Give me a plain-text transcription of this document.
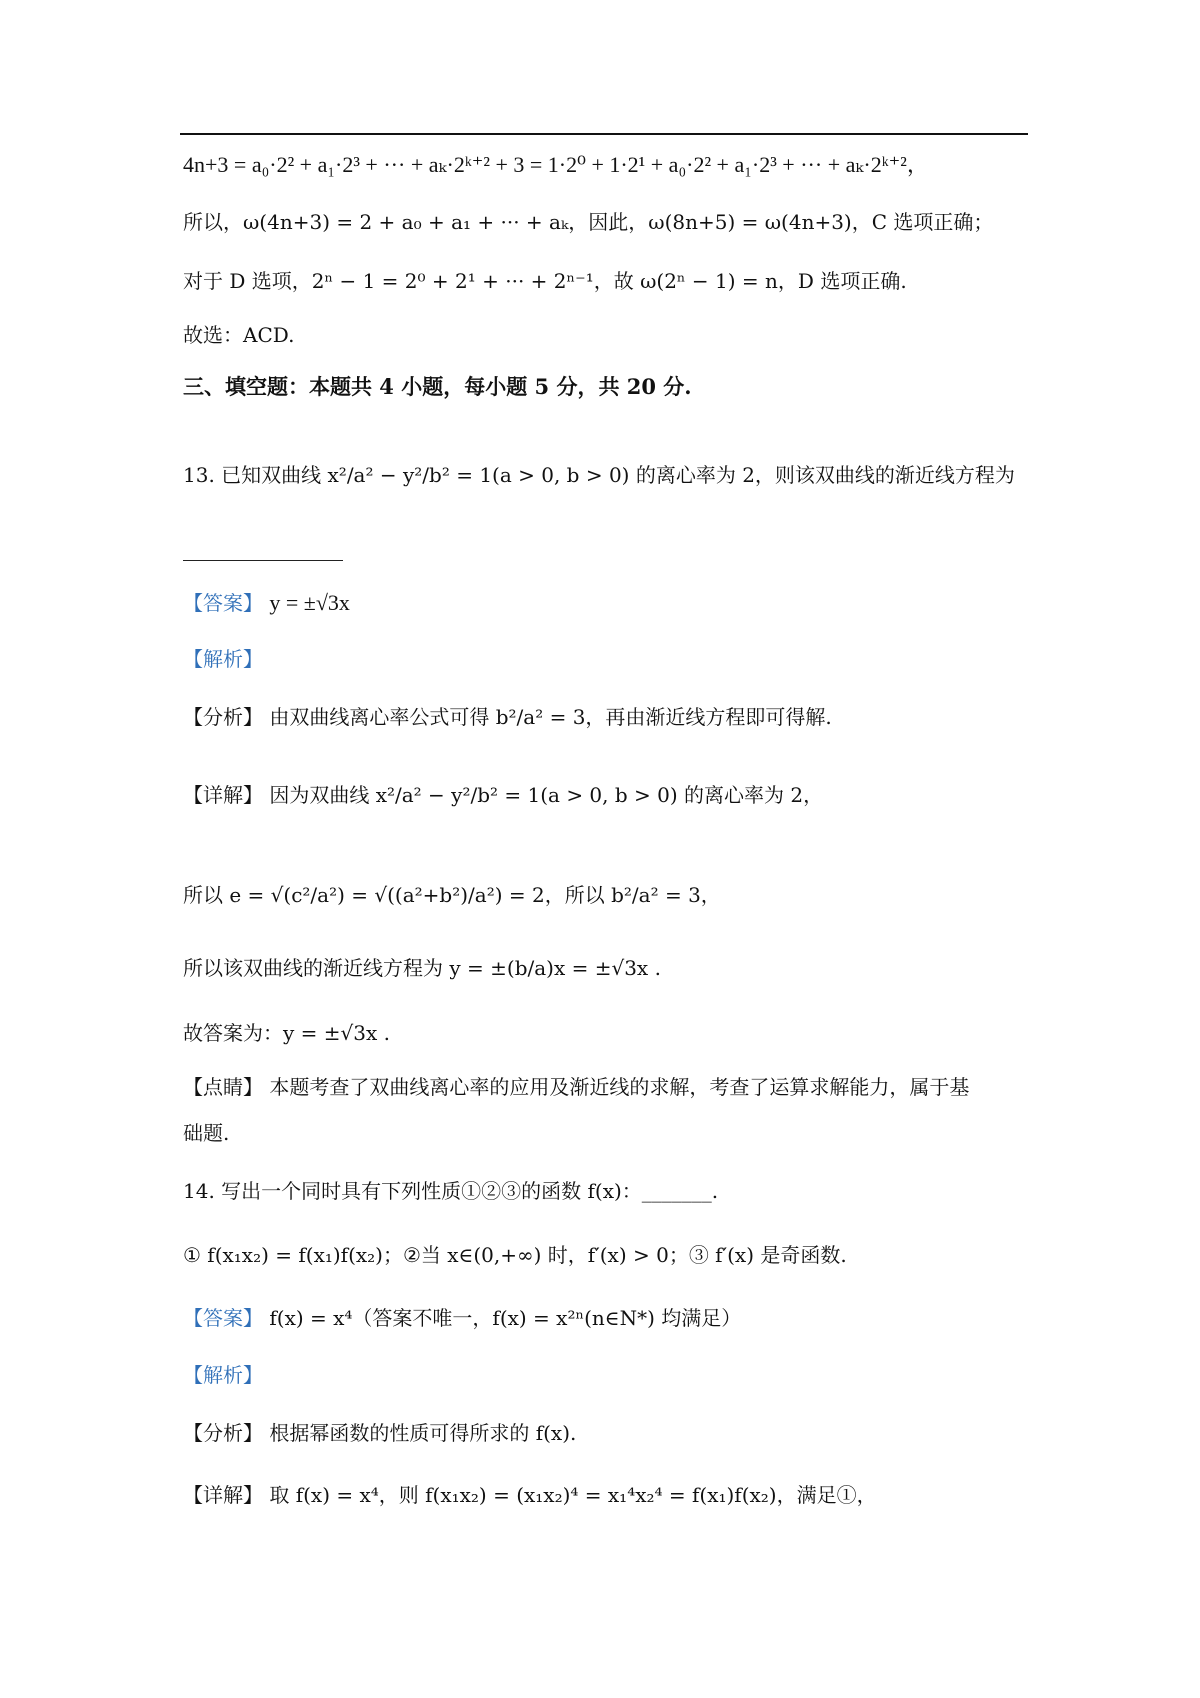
4n+3 = a₀·2² + a₁·2³ + ··· + aₖ·2ᵏ⁺² + 3 = 1·2⁰ + 1·2¹ + a₀·2² + a₁·2³ + ··· + aₖ·2ᵏ⁺²，
所以，ω(4n+3) = 2 + a₀ + a₁ + ··· + aₖ，因此，ω(8n+5) = ω(4n+3)，C 选项正确；
对于 D 选项，2ⁿ − 1 = 2⁰ + 2¹ + ··· + 2ⁿ⁻¹，故 ω(2ⁿ − 1) = n，D 选项正确.
故选：ACD.
三、填空题：本题共 4 小题，每小题 5 分，共 20 分.
13. 已知双曲线 x²/a² − y²/b² = 1(a > 0, b > 0) 的离心率为 2，则该双曲线的渐近线方程为
【答案】 y = ±√3x
【解析】
【分析】 由双曲线离心率公式可得 b²/a² = 3，再由渐近线方程即可得解.
【详解】 因为双曲线 x²/a² − y²/b² = 1(a > 0, b > 0) 的离心率为 2，
所以 e = √(c²/a²) = √((a²+b²)/a²) = 2，所以 b²/a² = 3，
所以该双曲线的渐近线方程为 y = ±(b/a)x = ±√3x .
故答案为：y = ±√3x .
【点睛】 本题考查了双曲线离心率的应用及渐近线的求解，考查了运算求解能力，属于基
础题.
14. 写出一个同时具有下列性质①②③的函数 f(x)：_______.
① f(x₁x₂) = f(x₁)f(x₂)；②当 x∈(0,+∞) 时，f′(x) > 0；③ f′(x) 是奇函数.
【答案】 f(x) = x⁴（答案不唯一，f(x) = x²ⁿ(n∈N*) 均满足）
【解析】
【分析】 根据幂函数的性质可得所求的 f(x).
【详解】 取 f(x) = x⁴，则 f(x₁x₂) = (x₁x₂)⁴ = x₁⁴x₂⁴ = f(x₁)f(x₂)，满足①，
